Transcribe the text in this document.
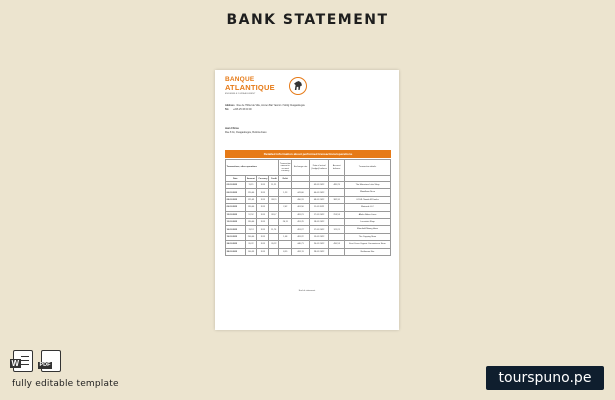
BANK STATEMENT
BANQUE
ATLANTIQUE
ENSEMBLE DURABLEMENT
Address Rue de l'Hôtel de Ville, Ancien Bar Yasmin / Sinlig Ouagadougou
Tel. +226 25 33 00 00
Jean Chirou
Rue 8 Ilo, Ouagadougou, Burkina Faso
Detailed information about performed transactions/operations
Transactions, other operations				Transaction amount in account currency	Exchange rate	Date of actual (Ledger) balance	Account balance	Transaction details
Date	Amount	Currency	Credit	Debit				
03.01.2022	11,21	XOF	11,21			03.01.2022	485,29	The Mainstore Lake Shop
06.01.2022	120,00	XOF		1,23	441,66	06.01.2022		Woodlawn Nuce
08.01.2022	125,09	XOF	262,9		490,31	08.01.2022	382,31	OCSJL Nanda M Deelca
09.01.2022	130,00	XOF		2,42	461,56	11.01.2022		Mainsale LLC
12.01.2022	12,52	XOF	261,7		481,21	17.01.2022	253,53	Alleko Nober Ltevo
13.01.2022	130,00	XOF		26,11	491,76	18.01.2022		Lucastriet Shop
16.01.2022	11,74	XOF	11,74		491,27	17.01.2022	121,21	Eltonfield Nbong Hoea
19.01.2022	200,00	XOF		1,08	481,22	19.01.2022		The Copping Store
24.01.2022	20,22	XOF	20,22		440,71	24.01.2022	490,53	East Cover Organic Convenience Store
28.01.2022	100,59	XOF		8,59	481,11	28.01.2022		Nettleman Kite
End of statement
W	PDF
fully editable template	tourspuno.pe
